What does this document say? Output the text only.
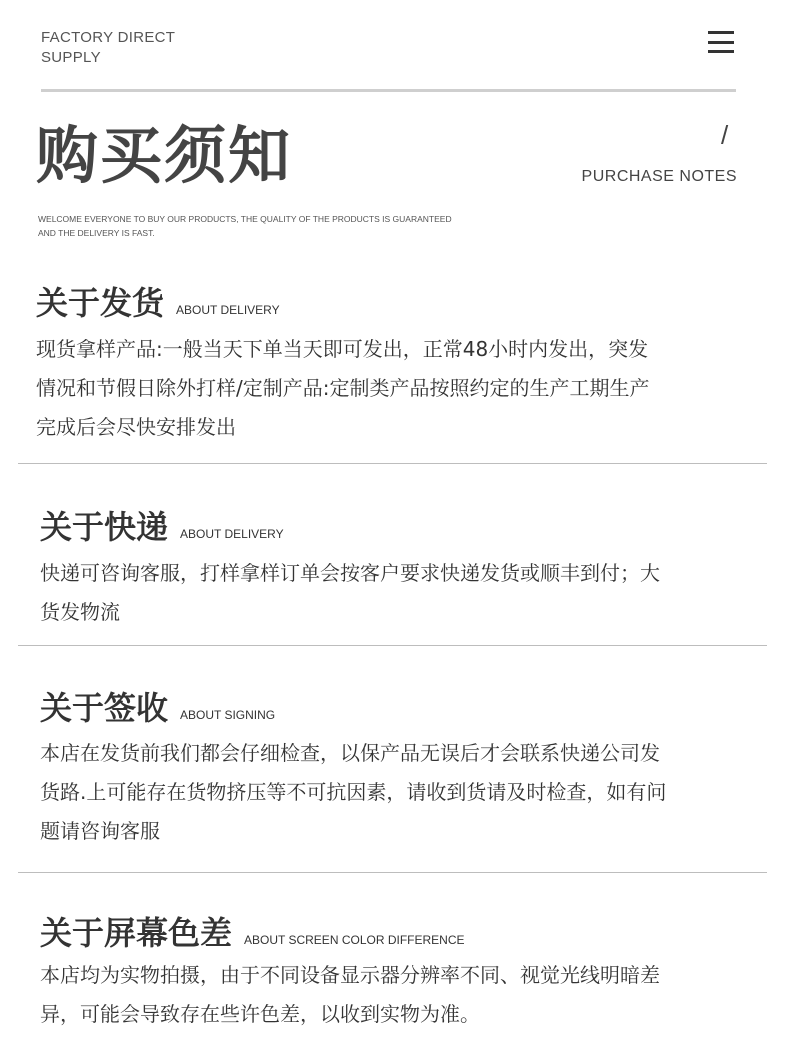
FACTORY DIRECT
SUPPLY
购买须知	/
PURCHASE NOTES
WELCOME EVERYONE TO BUY OUR PRODUCTS, THE QUALITY OF THE PRODUCTS IS GUARANTEED
AND THE DELIVERY IS FAST.
关于发货 ABOUT DELIVERY
现货拿样产品:一般当天下单当天即可发出，正常48小时内发出，突发
情况和节假日除外打样/定制产品:定制类产品按照约定的生产工期生产
完成后会尽快安排发出
关于快递 ABOUT DELIVERY
快递可咨询客服，打样拿样订单会按客户要求快递发货或顺丰到付；大
货发物流
关于签收 ABOUT SIGNING
本店在发货前我们都会仔细检查，以保产品无误后才会联系快递公司发
货路.上可能存在货物挤压等不可抗因素，请收到货请及时检查，如有问
题请咨询客服
关于屏幕色差 ABOUT SCREEN COLOR DIFFERENCE
本店均为实物拍摄，由于不同设备显示器分辨率不同、视觉光线明暗差
异，可能会导致存在些许色差，以收到实物为准。
